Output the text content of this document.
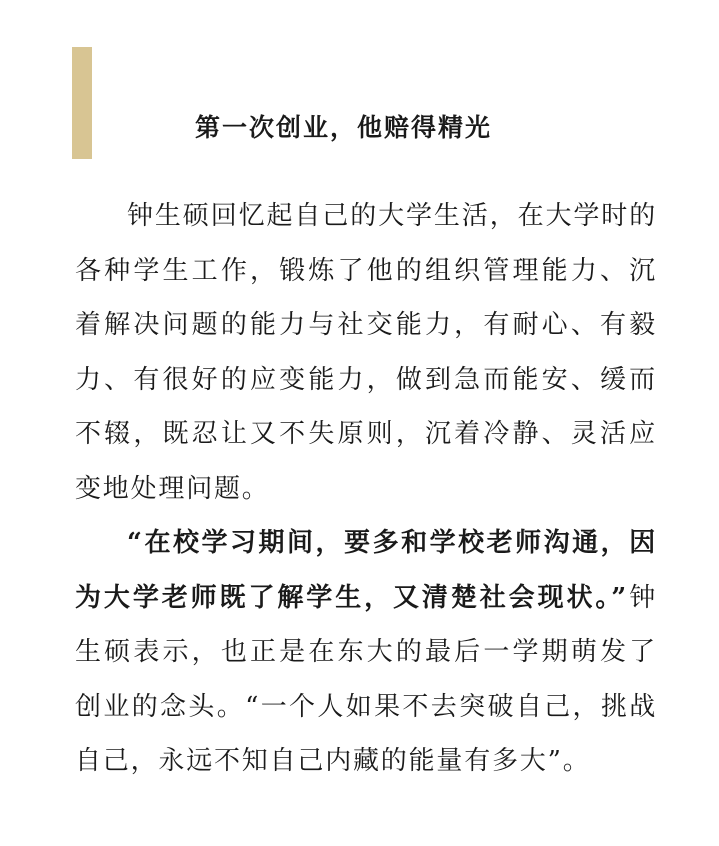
第一次创业，他赔得精光

钟生硕回忆起自己的大学生活，在大学时的各种学生工作，锻炼了他的组织管理能力、沉着解决问题的能力与社交能力，有耐心、有毅力、有很好的应变能力，做到急而能安、缓而不辍，既忍让又不失原则，沉着冷静、灵活应变地处理问题。

“在校学习期间，要多和学校老师沟通，因为大学老师既了解学生，又清楚社会现状。”钟生硕表示，也正是在东大的最后一学期萌发了创业的念头。“一个人如果不去突破自己，挑战自己，永远不知自己内藏的能量有多大”。
